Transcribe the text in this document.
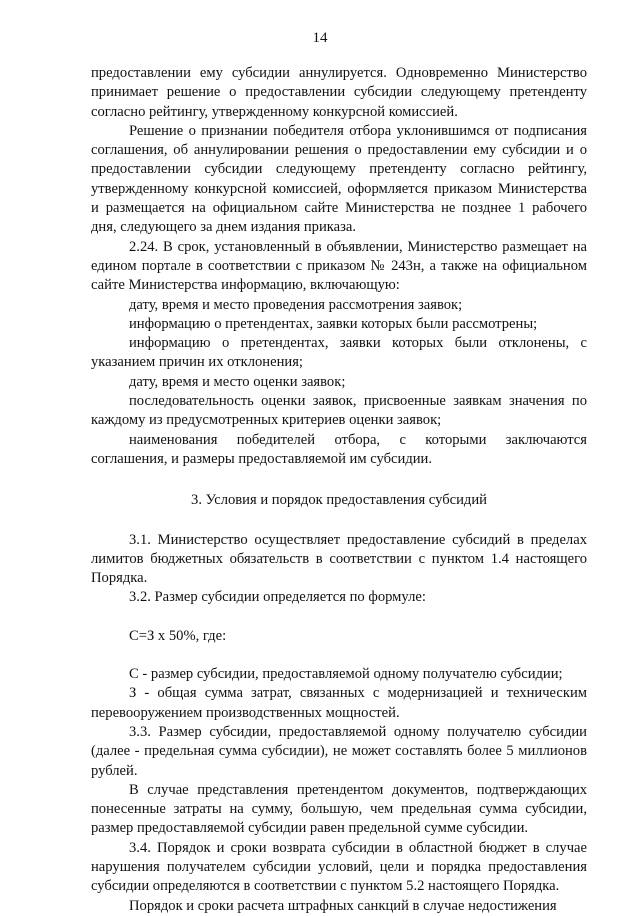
14

предоставлении ему субсидии аннулируется. Одновременно Министерство принимает решение о предоставлении субсидии следующему претенденту согласно рейтингу, утвержденному конкурсной комиссией.

Решение о признании победителя отбора уклонившимся от подписания соглашения, об аннулировании решения о предоставлении ему субсидии и о предоставлении субсидии следующему претенденту согласно рейтингу, утвержденному конкурсной комиссией, оформляется приказом Министерства и размещается на официальном сайте Министерства не позднее 1 рабочего дня, следующего за днем издания приказа.

2.24. В срок, установленный в объявлении, Министерство размещает на едином портале в соответствии с приказом № 243н, а также на официальном сайте Министерства информацию, включающую:

дату, время и место проведения рассмотрения заявок;

информацию о претендентах, заявки которых были рассмотрены;

информацию о претендентах, заявки которых были отклонены, с указанием причин их отклонения;

дату, время и место оценки заявок;

последовательность оценки заявок, присвоенные заявкам значения по каждому из предусмотренных критериев оценки заявок;

наименования победителей отбора, с которыми заключаются соглашения, и размеры предоставляемой им субсидии.

3. Условия и порядок предоставления субсидий

3.1. Министерство осуществляет предоставление субсидий в пределах лимитов бюджетных обязательств в соответствии с пунктом 1.4 настоящего Порядка.

3.2. Размер субсидии определяется по формуле:

С=З х 50%, где:

С - размер субсидии, предоставляемой одному получателю субсидии;

З - общая сумма затрат, связанных с модернизацией и техническим перевооружением производственных мощностей.

3.3. Размер субсидии, предоставляемой одному получателю субсидии (далее - предельная сумма субсидии), не может составлять более 5 миллионов рублей.

В случае представления претендентом документов, подтверждающих понесенные затраты на сумму, большую, чем предельная сумма субсидии, размер предоставляемой субсидии равен предельной сумме субсидии.

3.4. Порядок и сроки возврата субсидии в областной бюджет в случае нарушения получателем субсидии условий, цели и порядка предоставления субсидии определяются в соответствии с пунктом 5.2 настоящего Порядка.

Порядок и сроки расчета штрафных санкций в случае недостижения
